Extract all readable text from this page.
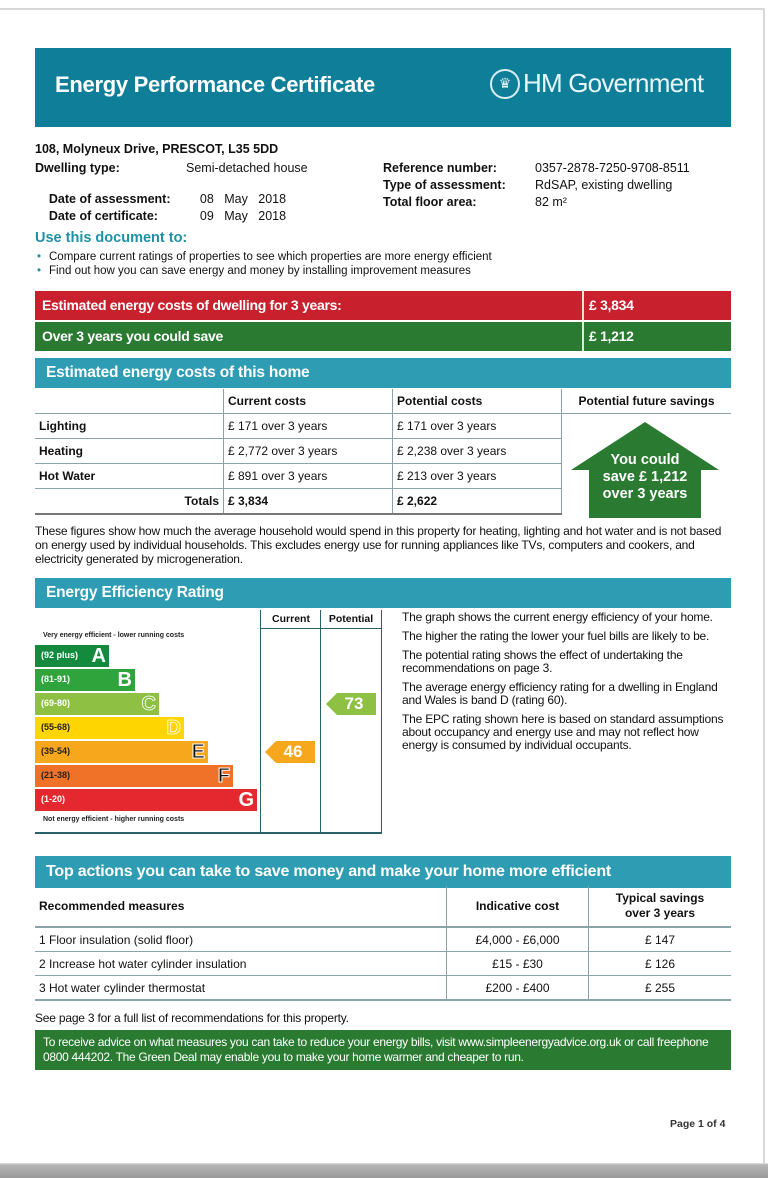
Energy Performance Certificate	♛ HM Government
108, Molyneux Drive, PRESCOT, L35 5DD
Dwelling type:	Semi-detached house

Date of assessment: 08   May   2018

Date of certificate:	09   May   2018

Reference number:	0357-2878-7250-9708-8511
Type of assessment: RdSAP, existing dwelling
Total floor area:	82 m²
Use this document to:
• Compare current ratings of properties to see which properties are more energy efficient
• Find out how you can save energy and money by installing improvement measures
Estimated energy costs of dwelling for 3 years:	£ 3,834
Over 3 years you could save	£ 1,212
Estimated energy costs of this home
	Current costs	Potential costs	Potential future savings
Lighting	£ 171 over 3 years	£ 171 over 3 years	
Heating	£ 2,772 over 3 years	£ 2,238 over 3 years	
Hot Water	£ 891 over 3 years	£ 213 over 3 years	
Totals	£ 3,834	£ 2,622	
You could
save £ 1,212
over 3 years
These figures show how much the average household would spend in this property for heating, lighting and hot water and is not based on energy used by individual households. This excludes energy use for running appliances like TVs, computers and cookers, and electricity generated by microgeneration.
Energy Efficiency Rating
Very energy efficient - lower running costs
(92 plus) A
(81-91) B
(69-80)	C
(55-68)	D
(39-54)	E
(21-38)	F
(1-20)	G
Not energy efficient - higher running costs
Current	Potential
46
73

The graph shows the current energy efficiency of your home.

The higher the rating the lower your fuel bills are likely to be.

The potential rating shows the effect of undertaking the recommendations on page 3.

The average energy efficiency rating for a dwelling in England and Wales is band D (rating 60).

The EPC rating shown here is based on standard assumptions about occupancy and energy use and may not reflect how energy is consumed by individual occupants.

Top actions you can take to save money and make your home more efficient
Recommended measures	Indicative cost	Typical savings over 3 years
1 Floor insulation (solid floor)	£4,000 - £6,000	£ 147
2 Increase hot water cylinder insulation	£15 - £30	£ 126
3 Hot water cylinder thermostat	£200 - £400	£ 255
See page 3 for a full list of recommendations for this property.
To receive advice on what measures you can take to reduce your energy bills, visit www.simpleenergyadvice.org.uk or call freephone 0800 444202. The Green Deal may enable you to make your home warmer and cheaper to run.
Page 1 of 4
